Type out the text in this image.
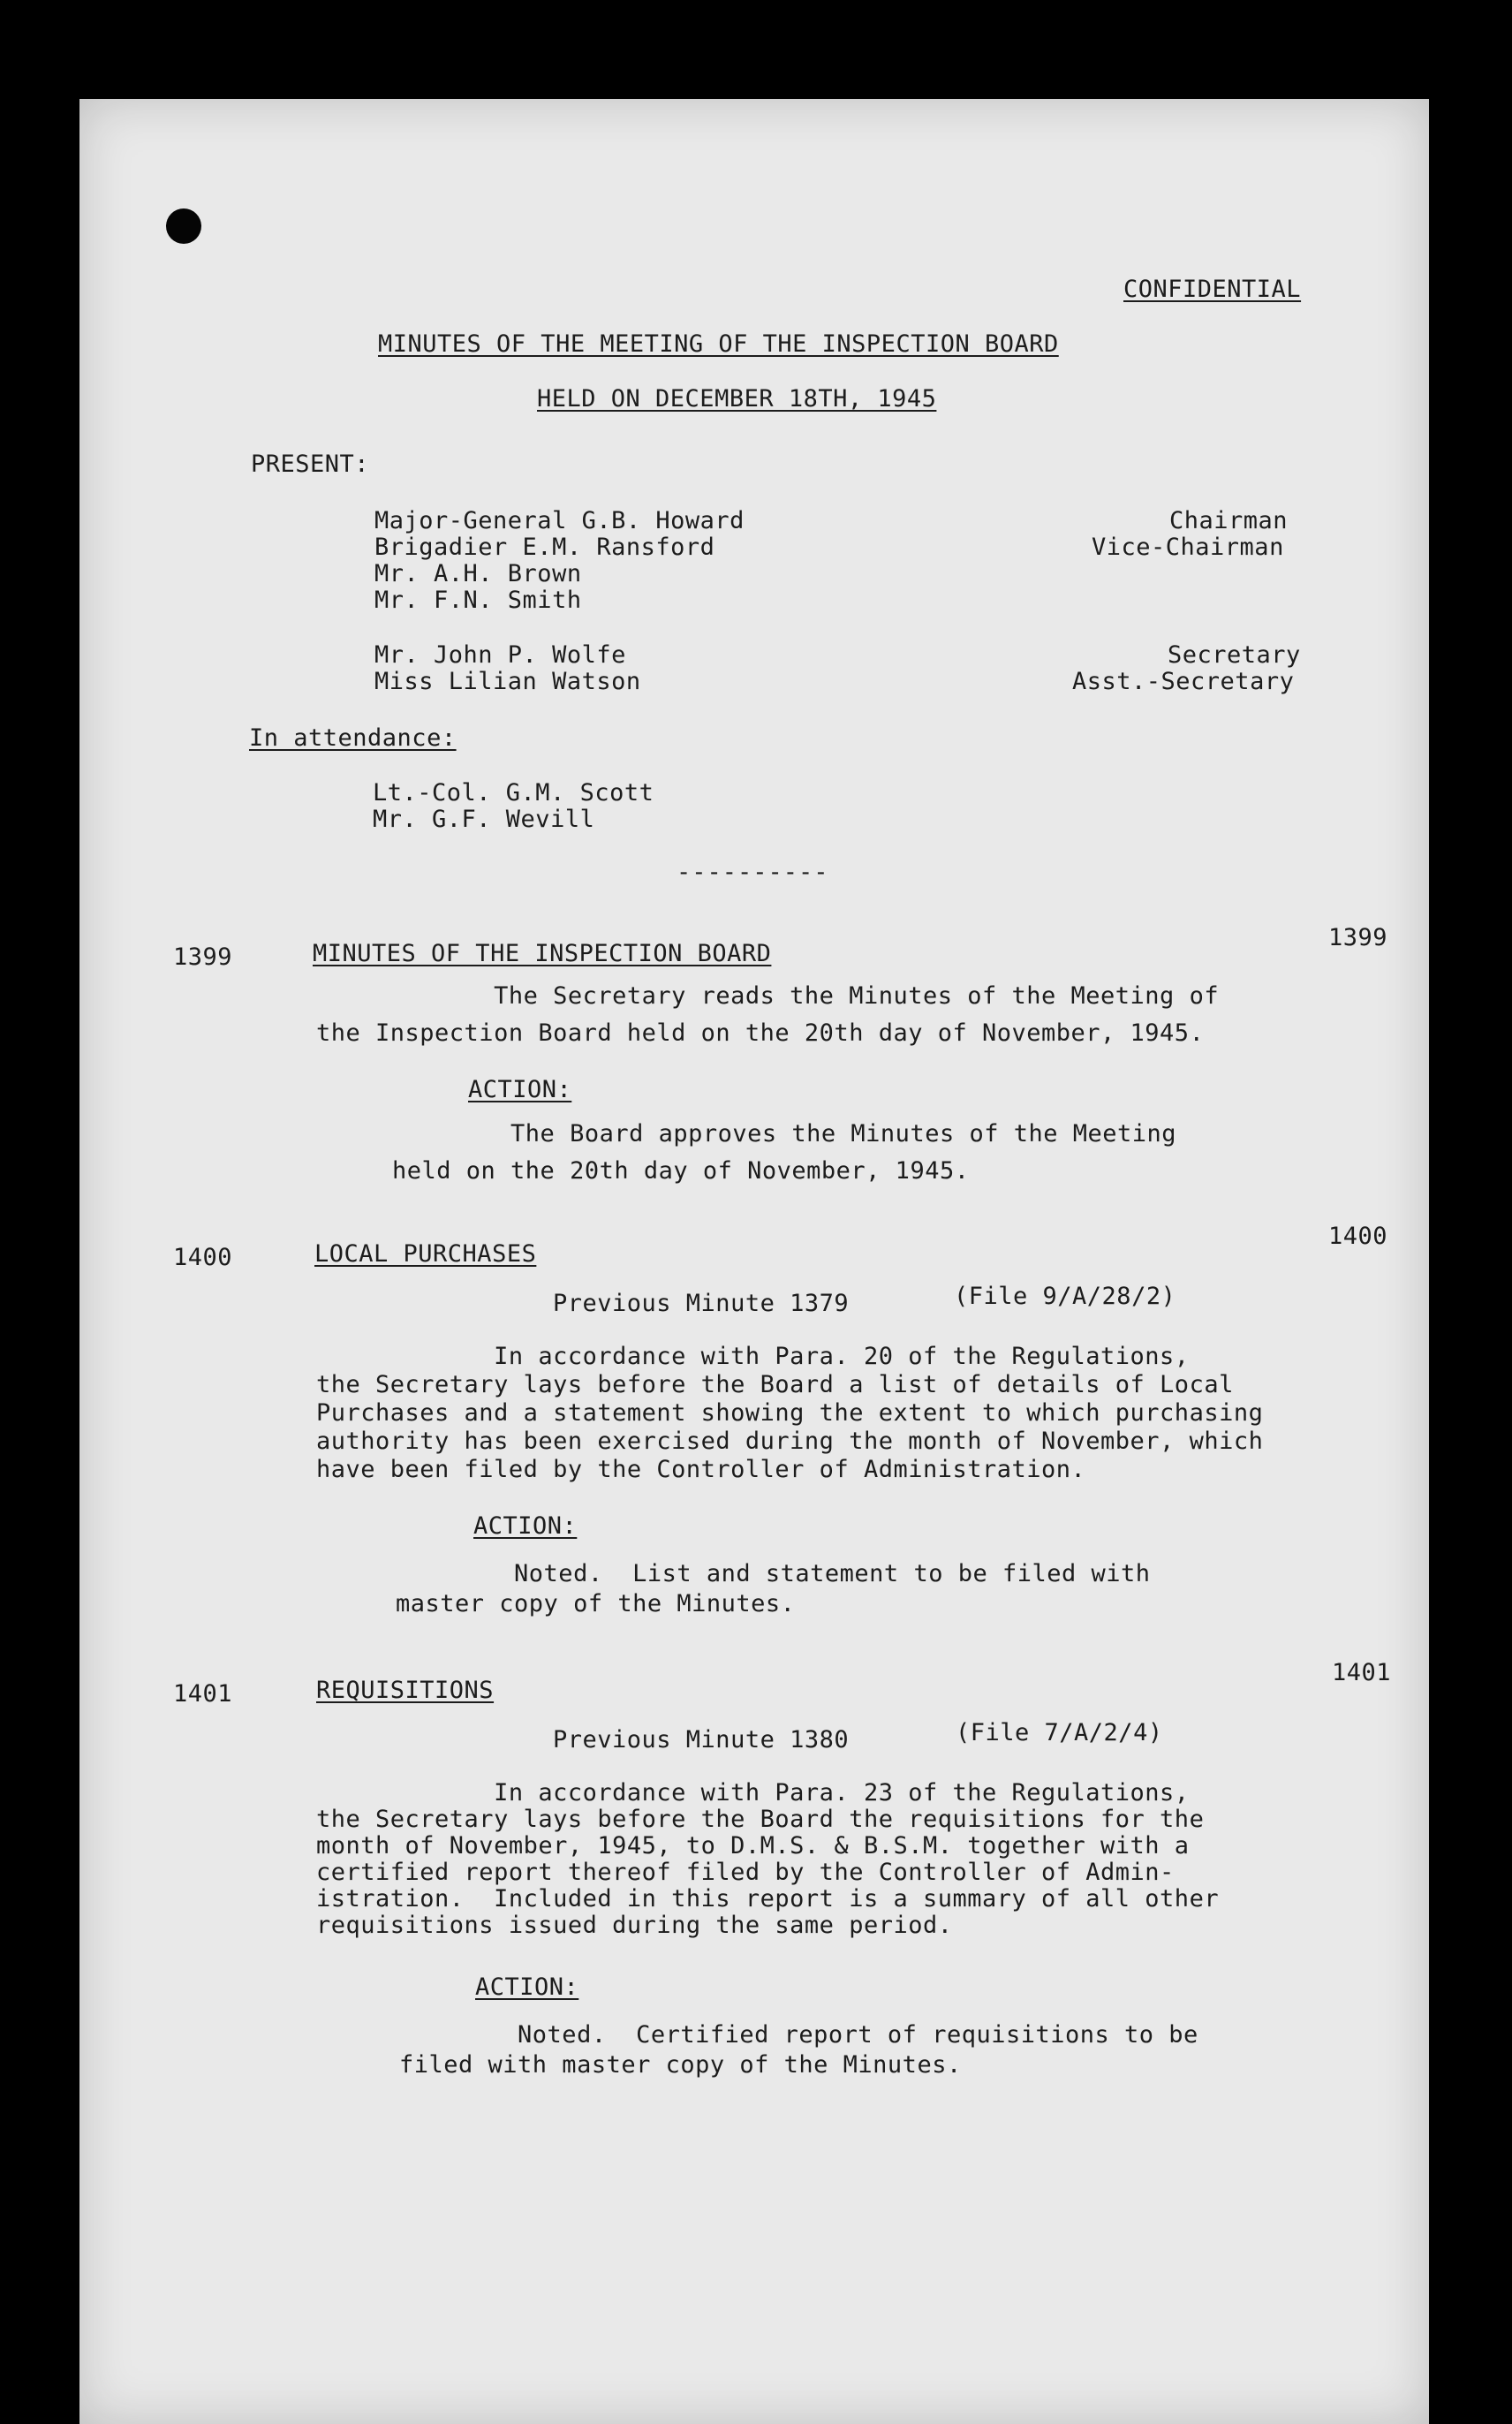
CONFIDENTIAL
MINUTES OF THE MEETING OF THE INSPECTION BOARD
HELD ON DECEMBER 18TH, 1945
PRESENT:
Major-General G.B. Howard	Chairman
Brigadier E.M. Ransford	Vice-Chairman
Mr. A.H. Brown
Mr. F.N. Smith
Mr. John P. Wolfe	Secretary
Miss Lilian Watson	Asst.-Secretary
In attendance:
Lt.-Col. G.M. Scott
Mr. G.F. Wevill
----------
1399
1399
MINUTES OF THE INSPECTION BOARD
The Secretary reads the Minutes of the Meeting of
the Inspection Board held on the 20th day of November, 1945.
ACTION:
The Board approves the Minutes of the Meeting
held on the 20th day of November, 1945.
1400
1400
LOCAL PURCHASES
Previous Minute 1379	(File 9/A/28/2)
In accordance with Para. 20 of the Regulations,
the Secretary lays before the Board a list of details of Local
Purchases and a statement showing the extent to which purchasing
authority has been exercised during the month of November, which
have been filed by the Controller of Administration.
ACTION:
Noted.  List and statement to be filed with
master copy of the Minutes.
1401
1401
REQUISITIONS
Previous Minute 1380	(File 7/A/2/4)
In accordance with Para. 23 of the Regulations,
the Secretary lays before the Board the requisitions for the
month of November, 1945, to D.M.S. & B.S.M. together with a
certified report thereof filed by the Controller of Admin-
istration.  Included in this report is a summary of all other
requisitions issued during the same period.
ACTION:
Noted.  Certified report of requisitions to be
filed with master copy of the Minutes.
